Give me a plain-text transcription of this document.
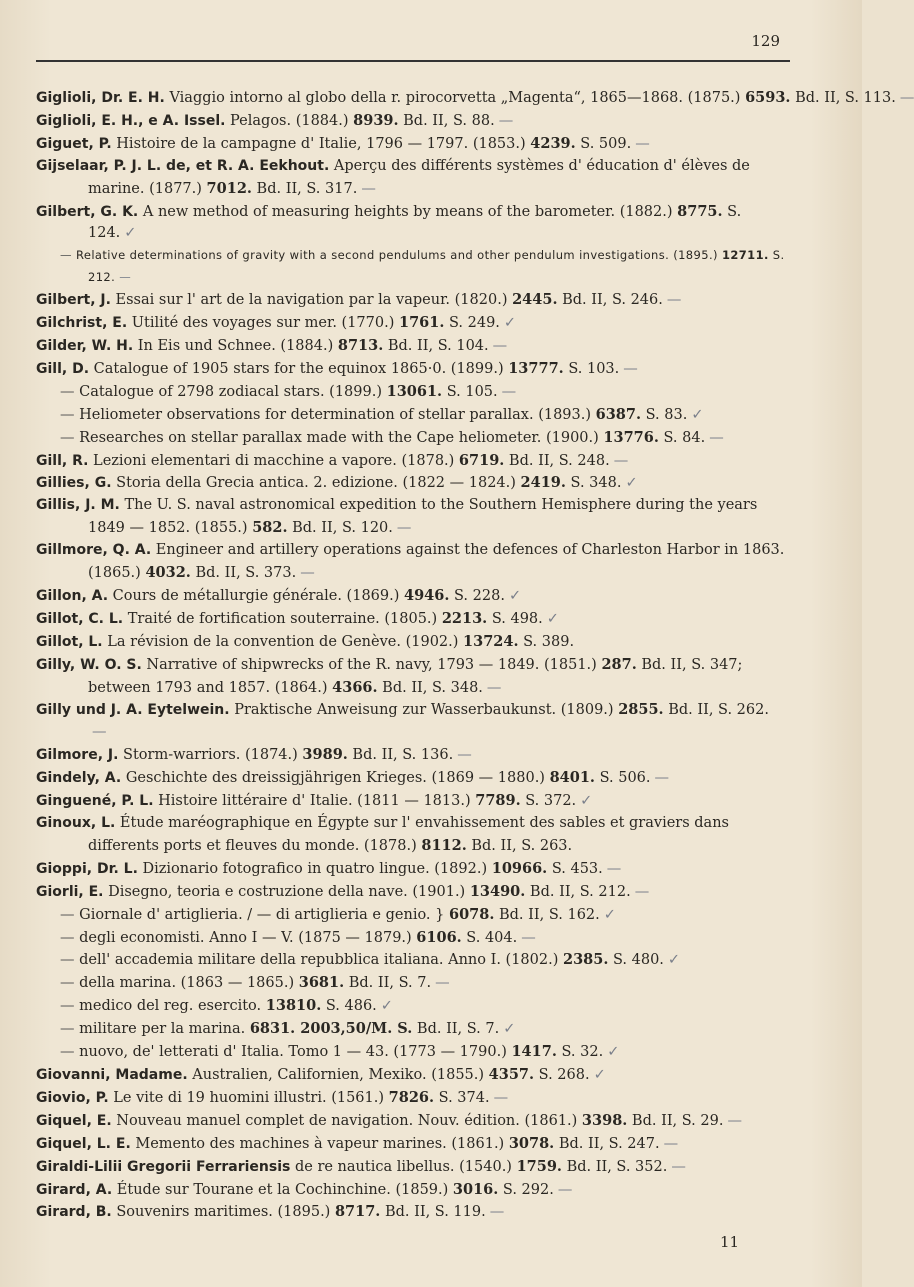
129
Giglioli, Dr. E. H. Viaggio intorno al globo della r. pirocorvetta „Magenta“, 1865—1868. (1875.) 6593. Bd. II, S. 113. —
Giglioli, E. H., e A. Issel. Pelagos. (1884.) 8939. Bd. II, S. 88. —
Giguet, P. Histoire de la campagne d' Italie, 1796 — 1797. (1853.) 4239. S. 509. —
Gijselaar, P. J. L. de, et R. A. Eekhout. Aperçu des différents systèmes d' éducation d' élèves de marine. (1877.) 7012. Bd. II, S. 317. —
Gilbert, G. K. A new method of measuring heights by means of the barometer. (1882.) 8775. S. 124. ✓
— Relative determinations of gravity with a second pendulums and other pendulum investigations. (1895.) 12711. S. 212. —
Gilbert, J. Essai sur l' art de la navigation par la vapeur. (1820.) 2445. Bd. II, S. 246. —
Gilchrist, E. Utilité des voyages sur mer. (1770.) 1761. S. 249. ✓
Gilder, W. H. In Eis und Schnee. (1884.) 8713. Bd. II, S. 104. —
Gill, D. Catalogue of 1905 stars for the equinox 1865·0. (1899.) 13777. S. 103. —
— Catalogue of 2798 zodiacal stars. (1899.) 13061. S. 105. —
— Heliometer observations for determination of stellar parallax. (1893.) 6387. S. 83. ✓
— Researches on stellar parallax made with the Cape heliometer. (1900.) 13776. S. 84. —
Gill, R. Lezioni elementari di macchine a vapore. (1878.) 6719. Bd. II, S. 248. —
Gillies, G. Storia della Grecia antica. 2. edizione. (1822 — 1824.) 2419. S. 348. ✓
Gillis, J. M. The U. S. naval astronomical expedition to the Southern Hemisphere during the years 1849 — 1852. (1855.) 582. Bd. II, S. 120. —
Gillmore, Q. A. Engineer and artillery operations against the defences of Charleston Harbor in 1863. (1865.) 4032. Bd. II, S. 373. —
Gillon, A. Cours de métallurgie générale. (1869.) 4946. S. 228. ✓
Gillot, C. L. Traité de fortification souterraine. (1805.) 2213. S. 498. ✓
Gillot, L. La révision de la convention de Genève. (1902.) 13724. S. 389.
Gilly, W. O. S. Narrative of shipwrecks of the R. navy, 1793 — 1849. (1851.) 287. Bd. II, S. 347; between 1793 and 1857. (1864.) 4366. Bd. II, S. 348. —
Gilly und J. A. Eytelwein. Praktische Anweisung zur Wasserbaukunst. (1809.) 2855. Bd. II, S. 262.—
Gilmore, J. Storm-warriors. (1874.) 3989. Bd. II, S. 136. —
Gindely, A. Geschichte des dreissigjährigen Krieges. (1869 — 1880.) 8401. S. 506. —
Ginguené, P. L. Histoire littéraire d' Italie. (1811 — 1813.) 7789. S. 372. ✓
Ginoux, L. Étude maréographique en Égypte sur l' envahissement des sables et graviers dans differents ports et fleuves du monde. (1878.) 8112. Bd. II, S. 263.
Gioppi, Dr. L. Dizionario fotografico in quatro lingue. (1892.) 10966. S. 453. —
Giorli, E. Disegno, teoria e costruzione della nave. (1901.) 13490. Bd. II, S. 212. —
— Giornale d' artiglieria. / — di artiglieria e genio. } 6078. Bd. II, S. 162. ✓
— degli economisti. Anno I — V. (1875 — 1879.) 6106. S. 404. —
— dell' accademia militare della repubblica italiana. Anno I. (1802.) 2385. S. 480. ✓
— della marina. (1863 — 1865.) 3681. Bd. II, S. 7. —
— medico del reg. esercito. 13810. S. 486. ✓
— militare per la marina. 6831. 2003,50/M. S. Bd. II, S. 7. ✓
— nuovo, de' letterati d' Italia. Tomo 1 — 43. (1773 — 1790.) 1417. S. 32. ✓
Giovanni, Madame. Australien, Californien, Mexiko. (1855.) 4357. S. 268. ✓
Giovio, P. Le vite di 19 huomini illustri. (1561.) 7826. S. 374. —
Giquel, E. Nouveau manuel complet de navigation. Nouv. édition. (1861.) 3398. Bd. II, S. 29. —
Giquel, L. E. Memento des machines à vapeur marines. (1861.) 3078. Bd. II, S. 247. —
Giraldi-Lilii Gregorii Ferrariensis de re nautica libellus. (1540.) 1759. Bd. II, S. 352. —
Girard, A. Étude sur Tourane et la Cochinchine. (1859.) 3016. S. 292. —
Girard, B. Souvenirs maritimes. (1895.) 8717. Bd. II, S. 119. —
11
